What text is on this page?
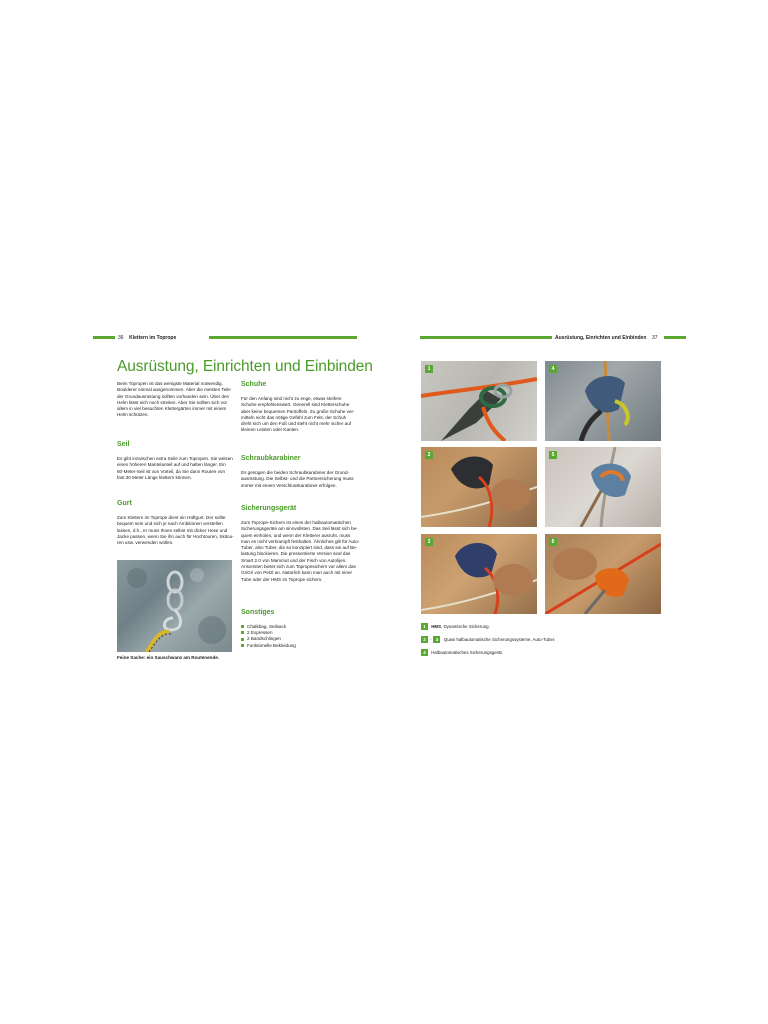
36 Klettern im Toprope	Ausrüstung, Einrichten und Einbinden 37
Ausrüstung, Einrichten und Einbinden
Beim Topropen ist das wenigste Material notwendig.
Boulderer einmal ausgenommen. Aber die meisten Teile
der Grundausrüstung sollten vorhanden sein. Über den
Helm lässt sich noch streiten. Aber Sie sollten sich vor
allem in viel besuchten Klettergärten immer mit einem
Helm schützen.
Seil
Es gibt inzwischen extra Seile zum Topropen. Sie weisen
einen höheren Mantelanteil auf und halten länger. Ein
60-Meter-Seil ist von Vorteil, da Sie dann Routen von
fast 30 Meter Länge klettern können.
Gurt
Zum Klettern im Toprope dient ein Hüftgurt. Der sollte
bequem sein und sich je nach Ambitionen verstellen
lassen, d.h., er muss Ihnen selbst mit dicker Hose und
Jacke passen, wenn Sie ihn auch für Hochtouren, Skitou-
ren usw. verwenden wollen.
Feine Sache: ein Sauschwanz am Routenende.
Schuhe
Für den Anfang sind nicht zu enge, etwas steifere
Schuhe empfehlenswert. Generell sind Kletterschuhe
aber keine bequemen Pantoffeln. Zu große Schuhe ver-
mitteln nicht das nötige Gefühl zum Fels, der Schuh
dreht sich um den Fuß und steht nicht mehr sicher auf
kleinen Leisten oder Kanten.
Schraubkarabiner
Es genügen die beiden Schraubkarabiner der Grund-
ausrüstung. Die Selbst- und die Partnersicherung muss
immer mit einem Verschlusskarabiner erfolgen.
Sicherungsgerät
Zum Toprope-Sichern ist eines der halbautomatischen
Sicherungsgeräte am sinnvollsten. Das Seil lässt sich be-
quem einholen, und wenn der Kletterer ausruht, muss
man es nicht verkrampft festhalten. Ähnliches gilt für Auto-
Tuber, also Tuber, die so konzipiert sind, dass sie auf Be-
lastung blockieren. Die pressentierte Version sind das
Smart 2.0 von Mammut und der Fisch von Autolijen.
Ansonsten bietet sich zum Topropesichern vor allem das
GriGri von Petzl an. Natürlich kann man auch mit einer
Tube oder der HMS im Toprope sichern.
Sonstiges
Chalkbag, Seilsack
2 Expressen
2 Bandschlingen
Funktionelle Bekleidung
1	4
2	5
3	6
1 HMS, Dynamische Sicherung.
2 - 3 Quasi halbautomatische Sicherungssysteme, Auto-Tuber.
4 Halbautomatisches Sicherungsgerät.
